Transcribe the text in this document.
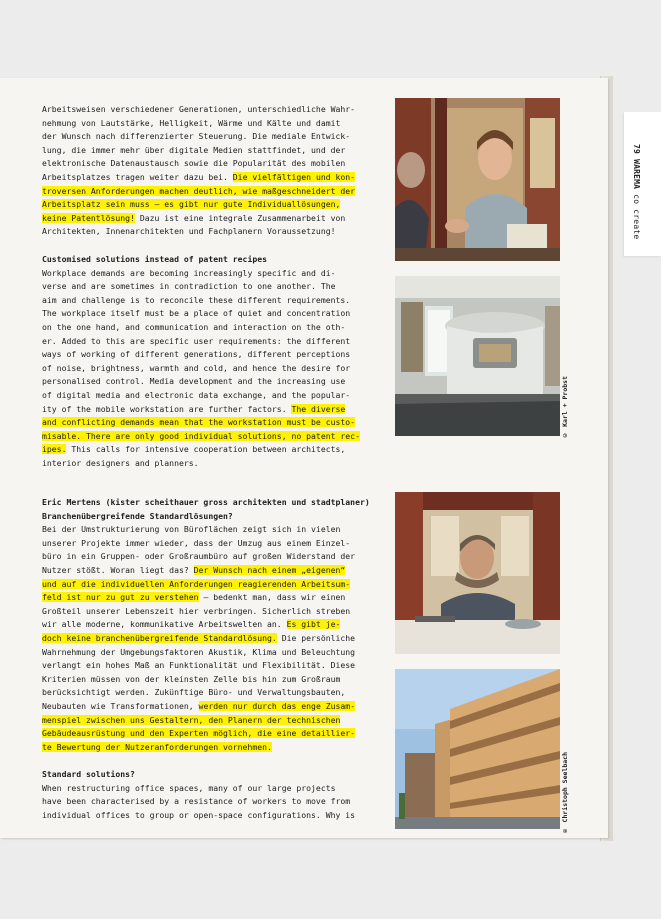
79 WAREMA co create

Arbeitsweisen verschiedener Generationen, unterschiedliche Wahr-

nehmung von Lautstärke, Helligkeit, Wärme und Kälte und damit

der Wunsch nach differenzierter Steuerung. Die mediale Entwick-

lung, die immer mehr über digitale Medien stattfindet, und der

elektronische Datenaustausch sowie die Popularität des mobilen

Arbeitsplatzes tragen weiter dazu bei. Die vielfältigen und kon-

troversen Anforderungen machen deutlich, wie maßgeschneidert der

Arbeitsplatz sein muss – es gibt nur gute Individuallösungen,

keine Patentlösung! Dazu ist eine integrale Zusammenarbeit von

Architekten, Innenarchitekten und Fachplanern Voraussetzung!

Customised solutions instead of patent recipes

Workplace demands are becoming increasingly specific and di-

verse and are sometimes in contradiction to one another. The

aim and challenge is to reconcile these different requirements.

The workplace itself must be a place of quiet and concentration

on the one hand, and communication and interaction on the oth-

er. Added to this are specific user requirements: the different

ways of working of different generations, different perceptions

of noise, brightness, warmth and cold, and hence the desire for

personalised control. Media development and the increasing use

of digital media and electronic data exchange, and the popular-

ity of the mobile workstation are further factors. The diverse

and conflicting demands mean that the workstation must be custo-

misable. There are only good individual solutions, no patent rec-

ipes. This calls for intensive cooperation between architects,

interior designers and planners.

Eric Mertens (kister scheithauer gross architekten und stadtplaner)

Branchenübergreifende Standardlösungen?

Bei der Umstrukturierung von Büroflächen zeigt sich in vielen

unserer Projekte immer wieder, dass der Umzug aus einem Einzel-

büro in ein Gruppen- oder Großraumbüro auf großen Widerstand der

Nutzer stößt. Woran liegt das? Der Wunsch nach einem „eigenen“

und auf die individuellen Anforderungen reagierenden Arbeitsum-

feld ist nur zu gut zu verstehen – bedenkt man, dass wir einen

Großteil unserer Lebenszeit hier verbringen. Sicherlich streben

wir alle moderne, kommunikative Arbeitswelten an. Es gibt je-

doch keine branchenübergreifende Standardlösung. Die persönliche

Wahrnehmung der Umgebungsfaktoren Akustik, Klima und Beleuchtung

verlangt ein hohes Maß an Funktionalität und Flexibilität. Diese

Kriterien müssen von der kleinsten Zelle bis hin zum Großraum

berücksichtigt werden. Zukünftige Büro- und Verwaltungsbauten,

Neubauten wie Transformationen, werden nur durch das enge Zusam-

menspiel zwischen uns Gestaltern, den Planern der technischen

Gebäudeausrüstung und den Experten möglich, die eine detaillier-

te Bewertung der Nutzeranforderungen vornehmen.

Standard solutions?

When restructuring office spaces, many of our large projects

have been characterised by a resistance of workers to move from

individual offices to group or open-space configurations. Why is

© Karl + Probst
© Christoph Seelbach
